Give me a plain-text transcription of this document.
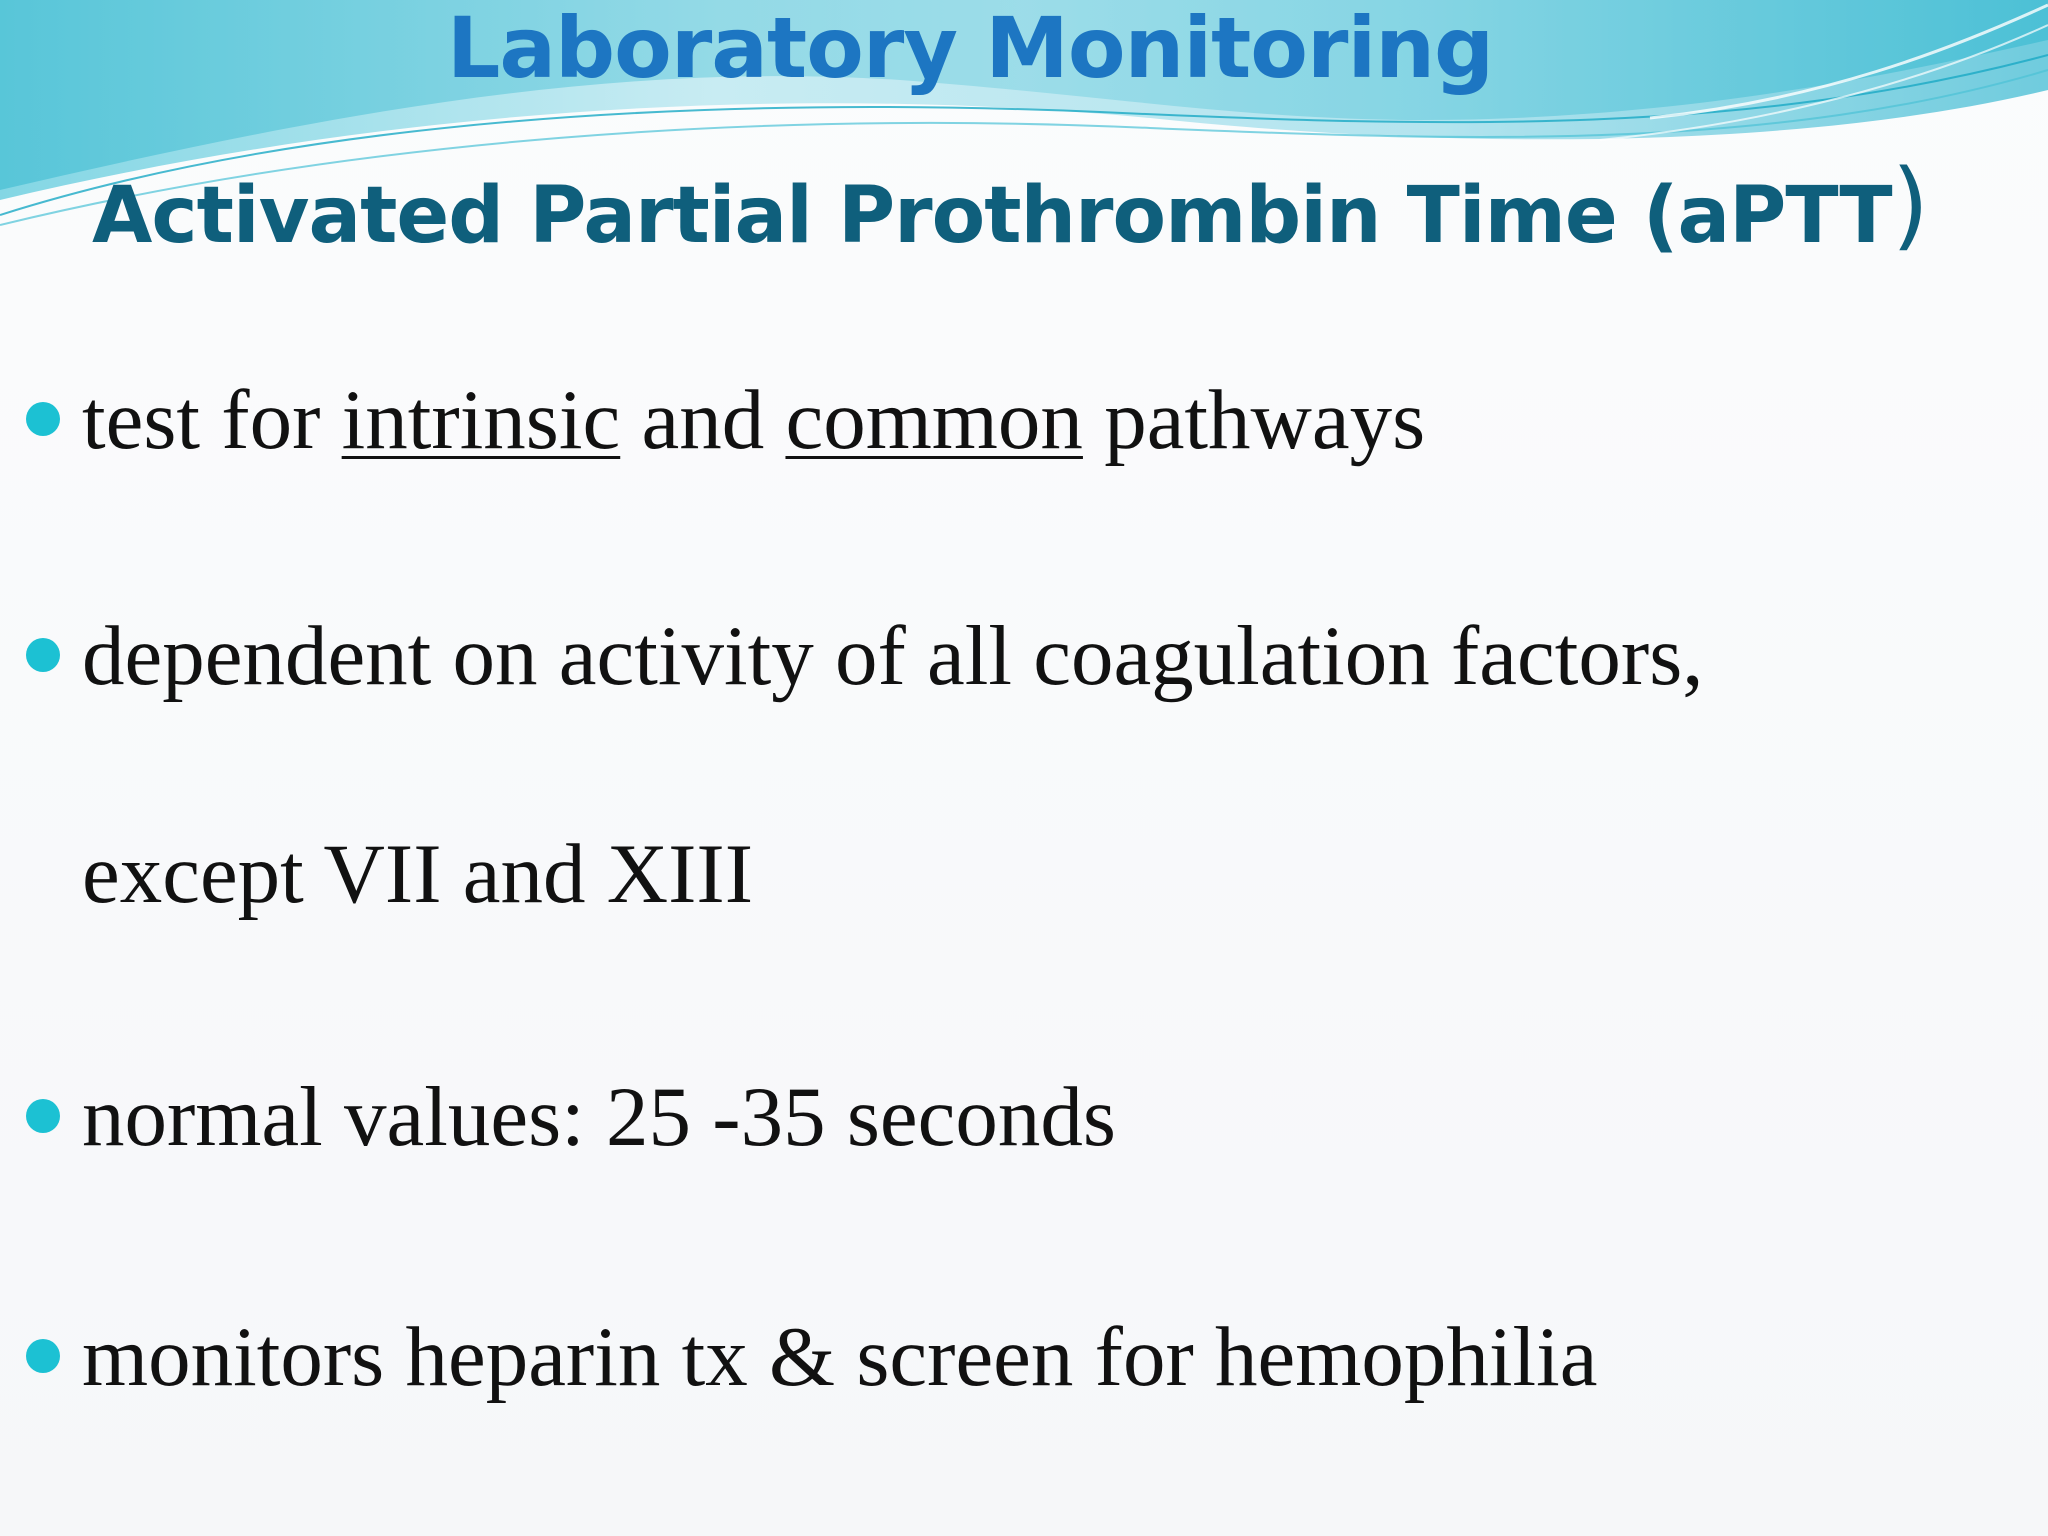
Laboratory Monitoring
Activated Partial Prothrombin Time (aPTT)
test for intrinsic and common pathways
dependent on activity of all coagulation factors,
except VII and XIII
normal values: 25 -35 seconds
monitors heparin tx & screen for hemophilia
